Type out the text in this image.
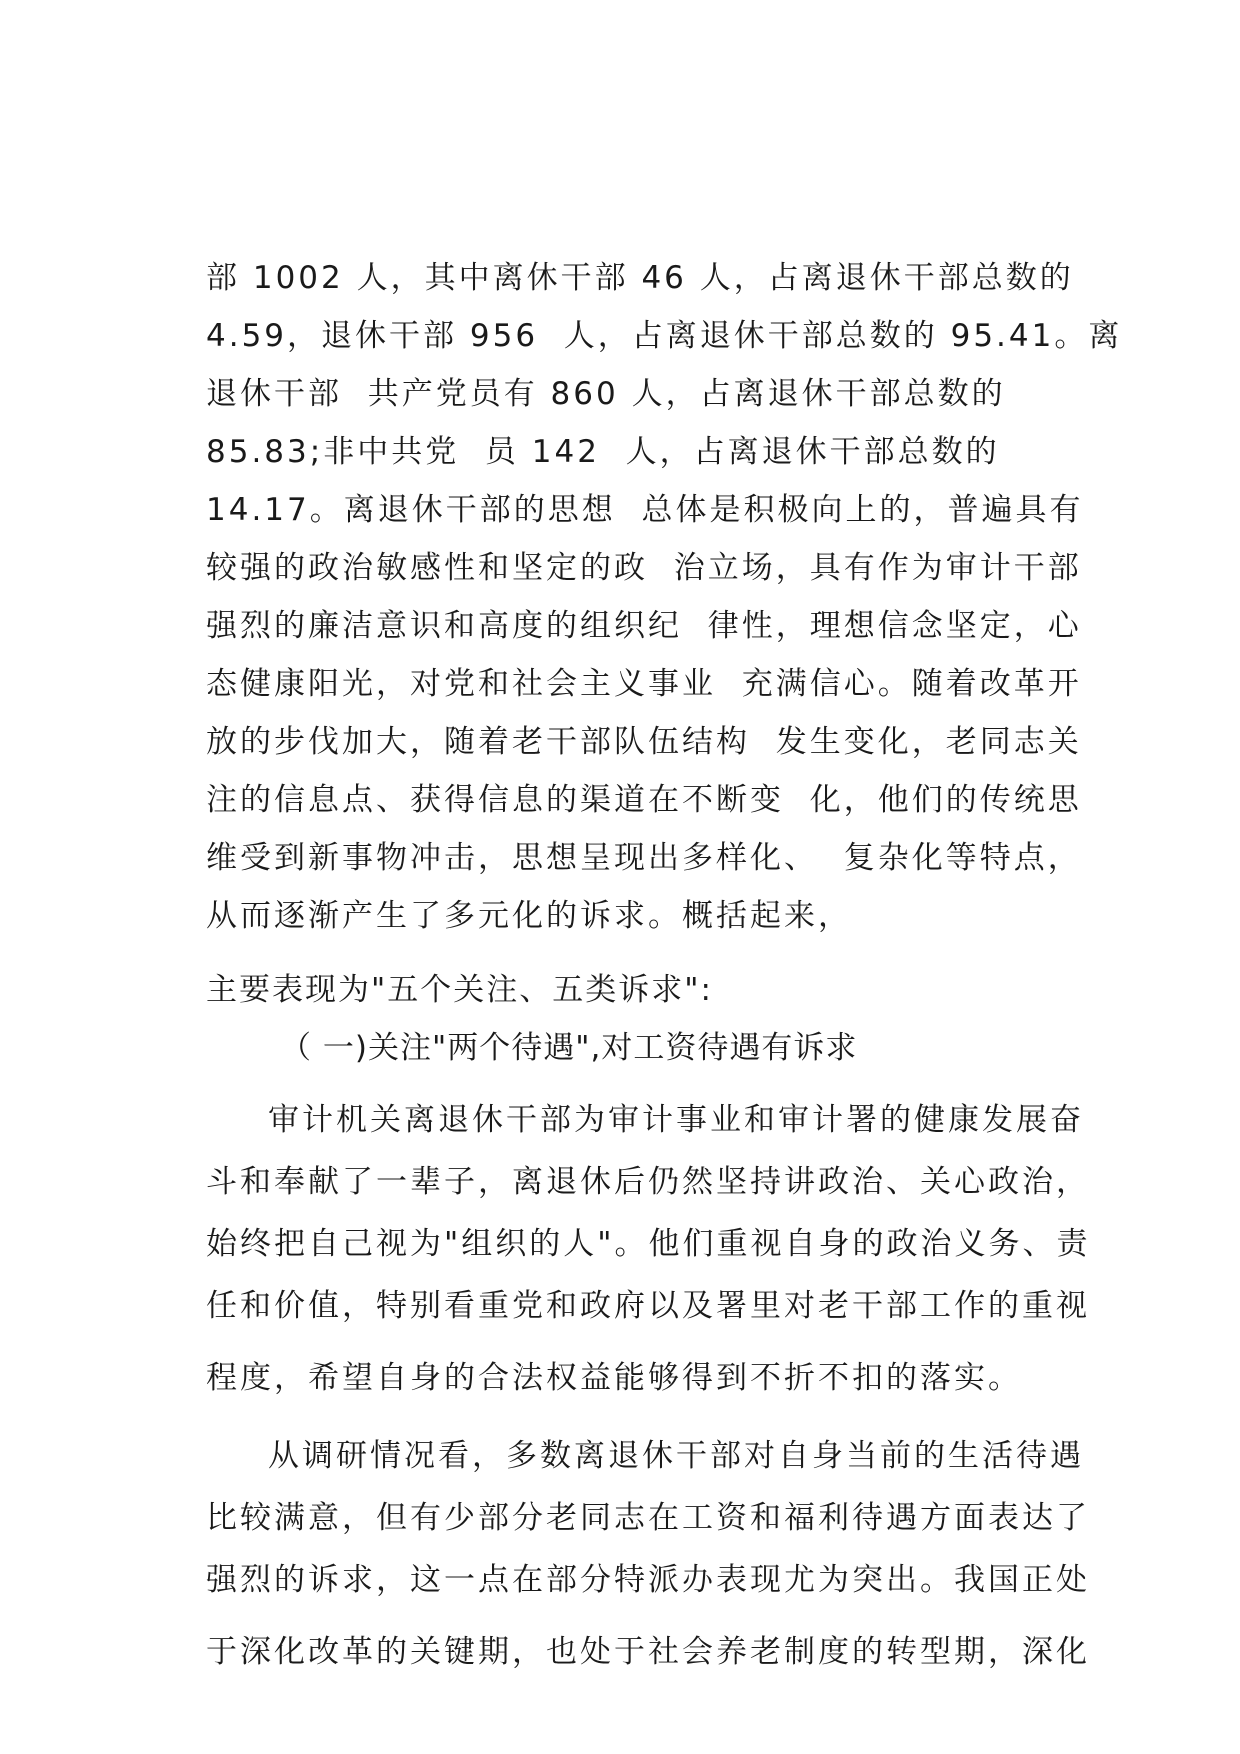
部 1002 人，其中离休干部 46 人，占离退休干部总数的
4.59，退休干部 956  人，占离退休干部总数的 95.41。离
退休干部  共产党员有 860 人，占离退休干部总数的
85.83;非中共党  员 142  人，占离退休干部总数的
14.17。离退休干部的思想  总体是积极向上的，普遍具有
较强的政治敏感性和坚定的政  治立场，具有作为审计干部
强烈的廉洁意识和高度的组织纪  律性，理想信念坚定，心
态健康阳光，对党和社会主义事业  充满信心。随着改革开
放的步伐加大，随着老干部队伍结构  发生变化，老同志关
注的信息点、获得信息的渠道在不断变  化，他们的传统思
维受到新事物冲击，思想呈现出多样化、  复杂化等特点，
从而逐渐产生了多元化的诉求。概括起来，
主要表现为"五个关注、五类诉求":
（ 一)关注"两个待遇",对工资待遇有诉求
审计机关离退休干部为审计事业和审计署的健康发展奋
斗和奉献了一辈子，离退休后仍然坚持讲政治、关心政治，
始终把自己视为"组织的人"。他们重视自身的政治义务、责
任和价值，特别看重党和政府以及署里对老干部工作的重视
程度，希望自身的合法权益能够得到不折不扣的落实。
从调研情况看，多数离退休干部对自身当前的生活待遇
比较满意，但有少部分老同志在工资和福利待遇方面表达了
强烈的诉求，这一点在部分特派办表现尤为突出。我国正处
于深化改革的关键期，也处于社会养老制度的转型期，深化
